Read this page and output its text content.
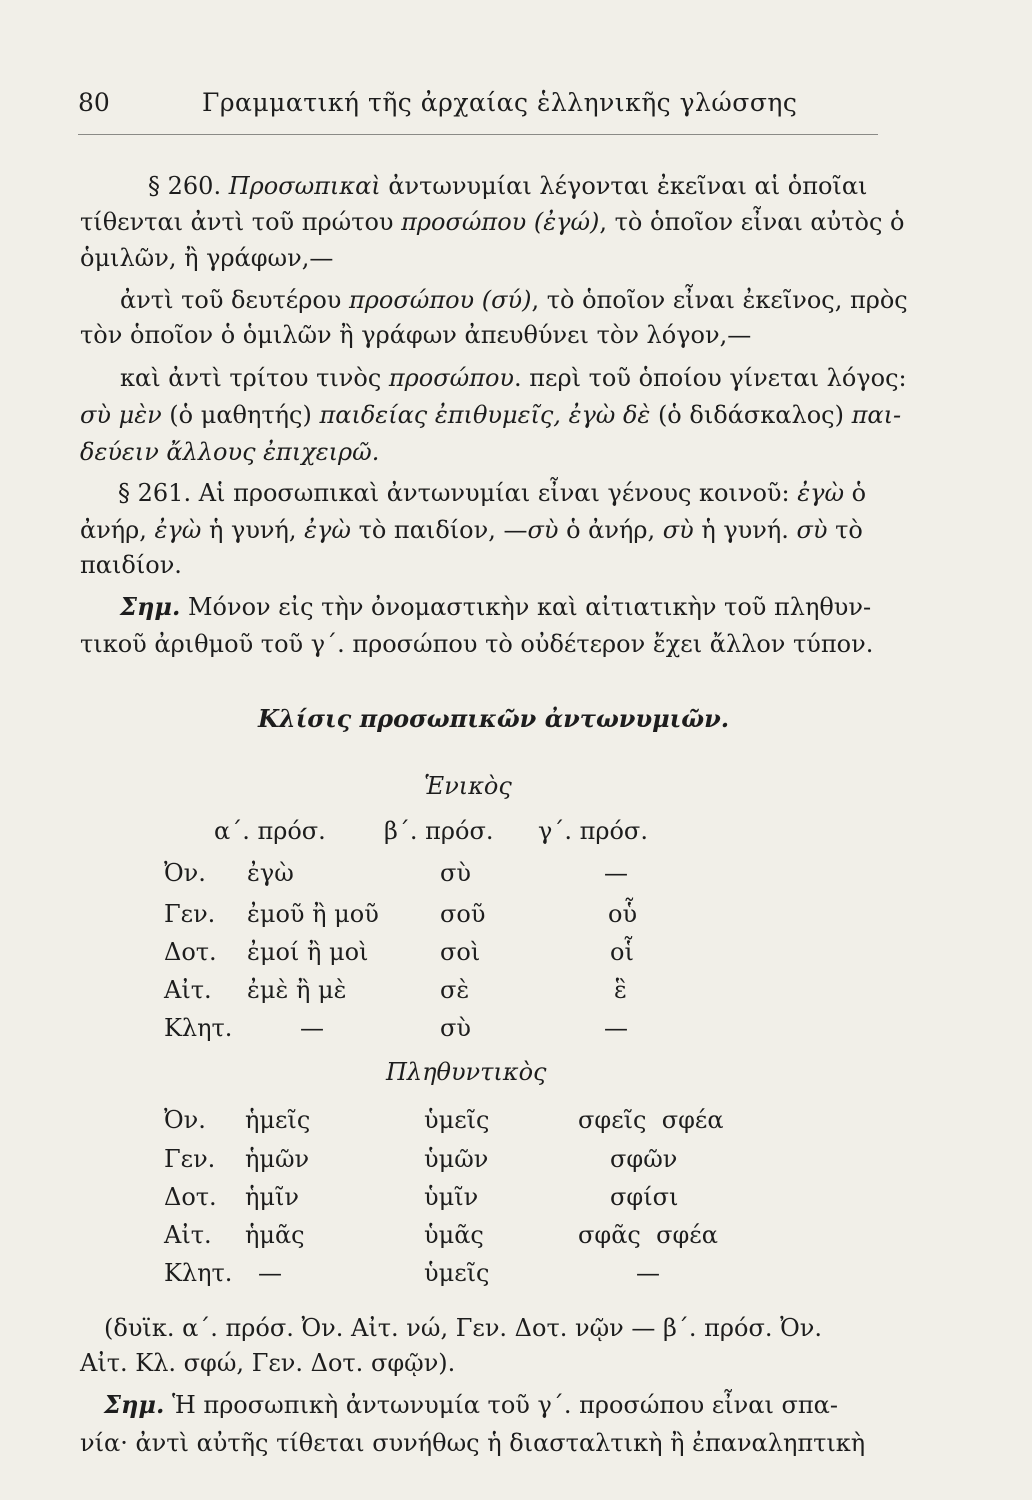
80	Γραμματική τῆς ἀρχαίας ἑλληνικῆς γλώσσης
§ 260. Προσωπικαὶ ἀντωνυμίαι λέγονται ἐκεῖναι αἱ ὁποῖαι
τίθενται ἀντὶ τοῦ πρώτου προσώπου (ἐγώ), τὸ ὁποῖον εἶναι αὐτὸς ὁ
ὁμιλῶν, ἢ γράφων,—
ἀντὶ τοῦ δευτέρου προσώπου (σύ), τὸ ὁποῖον εἶναι ἐκεῖνος, πρὸς
τὸν ὁποῖον ὁ ὁμιλῶν ἢ γράφων ἀπευθύνει τὸν λόγον,—
καὶ ἀντὶ τρίτου τινὸς προσώπου. περὶ τοῦ ὁποίου γίνεται λόγος:
σὺ μὲν (ὁ μαθητής) παιδείας ἐπιθυμεῖς, ἐγὼ δὲ (ὁ διδάσκαλος) παι-
δεύειν ἄλλους ἐπιχειρῶ.
§ 261. Αἱ προσωπικαὶ ἀντωνυμίαι εἶναι γένους κοινοῦ: ἐγὼ ὁ
ἀνήρ, ἐγὼ ἡ γυνή, ἐγὼ τὸ παιδίον, —σὺ ὁ ἀνήρ, σὺ ἡ γυνή. σὺ τὸ
παιδίον.
Σημ. Μόνον εἰς τὴν ὀνομαστικὴν καὶ αἰτιατικὴν τοῦ πληθυν-
τικοῦ ἀριθμοῦ τοῦ γ΄. προσώπου τὸ οὐδέτερον ἔχει ἄλλον τύπον.
Κλίσις προσωπικῶν ἀντωνυμιῶν.
Ἑνικὸς
α΄. πρόσ. β΄. πρόσ. γ΄. πρόσ.
Ὀν. ἐγὼ	σὺ	—
Γεν. ἐμοῦ ἢ μοῦ	σοῦ	οὗ
Δοτ. ἐμοί ἢ μοὶ	σοὶ	οἷ
Αἰτ. ἐμὲ ἢ μὲ	σὲ	ἓ
Κλητ.	—	σὺ	—
Πληθυντικὸς
Ὀν. ἡμεῖς	ὑμεῖς	σφεῖς  σφέα
Γεν. ἡμῶν	ὑμῶν	σφῶν
Δοτ. ἡμῖν	ὑμῖν	σφίσι
Αἰτ. ἡμᾶς	ὑμᾶς	σφᾶς  σφέα
Κλητ. —	ὑμεῖς	—
(δυϊκ. α΄. πρόσ. Ὀν. Αἰτ. νώ, Γεν. Δοτ. νῷν — β΄. πρόσ. Ὀν.
Αἰτ. Κλ. σφώ, Γεν. Δοτ. σφῷν).
Σημ. Ἡ προσωπικὴ ἀντωνυμία τοῦ γ΄. προσώπου εἶναι σπα-
νία· ἀντὶ αὐτῆς τίθεται συνήθως ἡ διασταλτικὴ ἢ ἐπαναληπτικὴ
